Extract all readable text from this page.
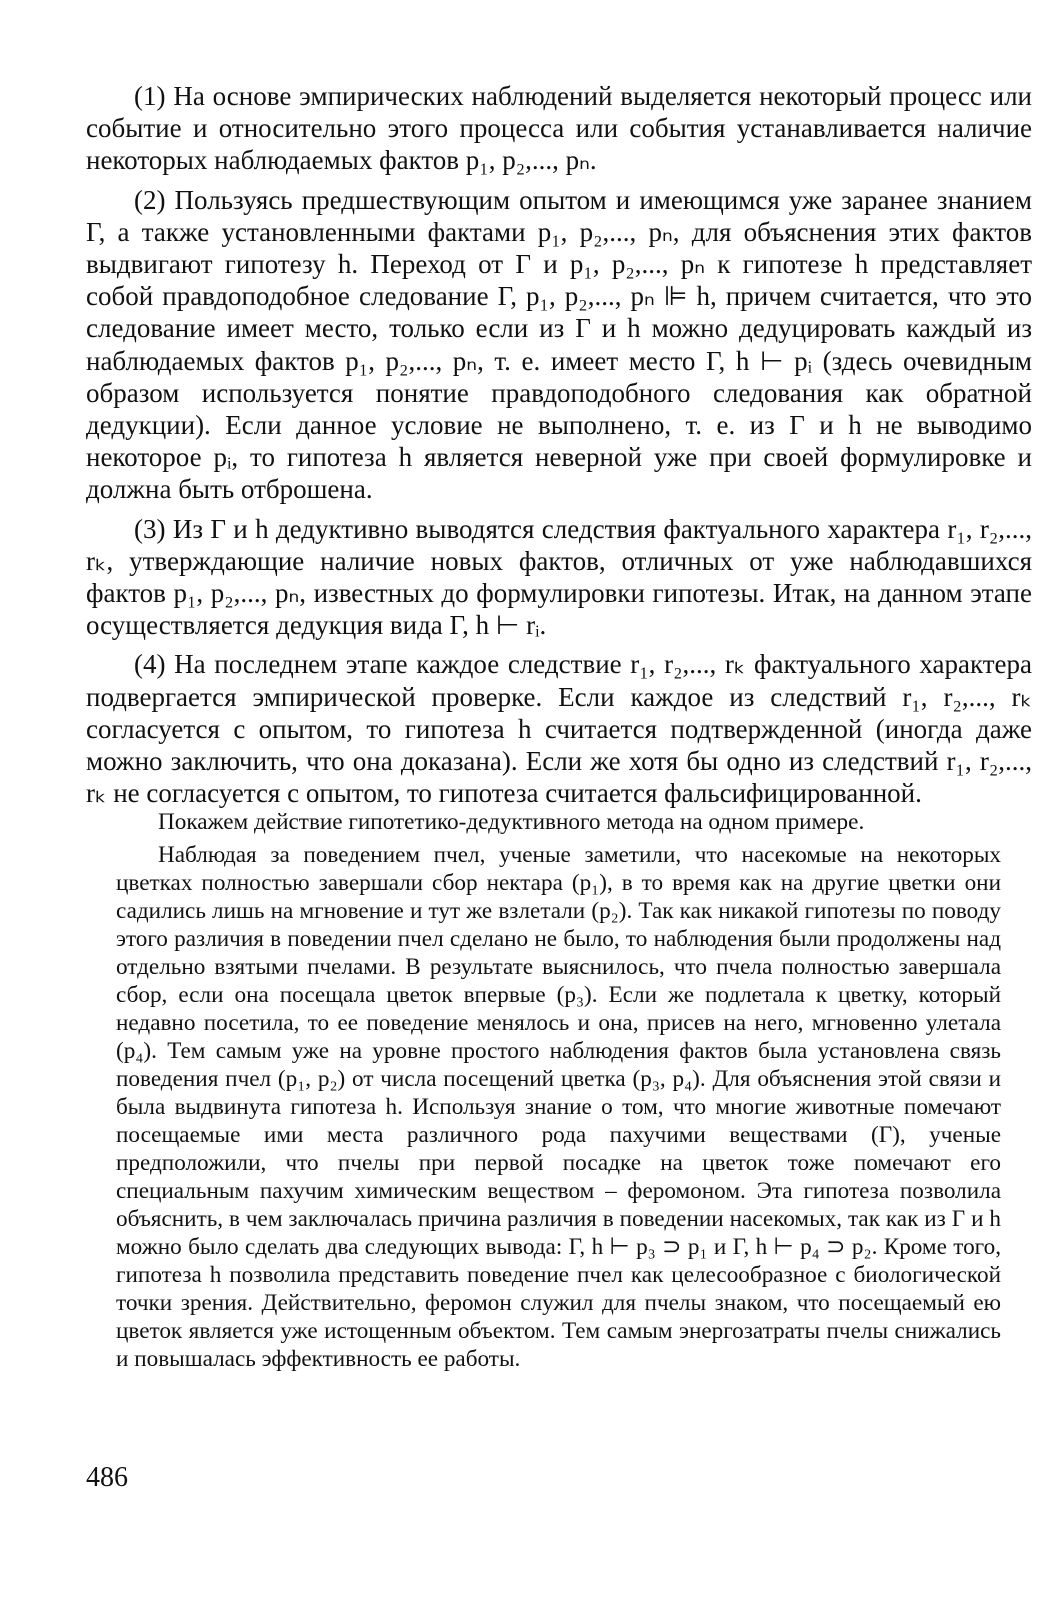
(1) На основе эмпирических наблюдений выделяется некоторый процесс или событие и относительно этого процесса или события устанавливается наличие некоторых наблюдаемых фактов p₁, p₂,..., pₙ.

(2) Пользуясь предшествующим опытом и имеющимся уже заранее знанием Г, а также установленными фактами p₁, p₂,..., pₙ, для объяснения этих фактов выдвигают гипотезу h. Переход от Г и p₁, p₂,..., pₙ к гипотезе h представляет собой правдоподобное следование Г, p₁, p₂,..., pₙ ⊫ h, причем считается, что это следование имеет место, только если из Г и h можно дедуцировать каждый из наблюдаемых фактов p₁, p₂,..., pₙ, т. е. имеет место Г, h ⊢ pᵢ (здесь очевидным образом используется понятие правдоподобного следования как обратной дедукции). Если данное условие не выполнено, т. е. из Г и h не выводимо некоторое pᵢ, то гипотеза h является неверной уже при своей формулировке и должна быть отброшена.

(3) Из Г и h дедуктивно выводятся следствия фактуального характера r₁, r₂,..., rₖ, утверждающие наличие новых фактов, отличных от уже наблюдавшихся фактов p₁, p₂,..., pₙ, известных до формулировки гипотезы. Итак, на данном этапе осуществляется дедукция вида Г, h ⊢ rᵢ.

(4) На последнем этапе каждое следствие r₁, r₂,..., rₖ фактуального характера подвергается эмпирической проверке. Если каждое из следствий r₁, r₂,..., rₖ согласуется с опытом, то гипотеза h считается подтвержденной (иногда даже можно заключить, что она доказана). Если же хотя бы одно из следствий r₁, r₂,..., rₖ не согласуется с опытом, то гипотеза считается фальсифицированной.

Покажем действие гипотетико-дедуктивного метода на одном примере.

Наблюдая за поведением пчел, ученые заметили, что насекомые на некоторых цветках полностью завершали сбор нектара (p₁), в то время как на другие цветки они садились лишь на мгновение и тут же взлетали (p₂). Так как никакой гипотезы по поводу этого различия в поведении пчел сделано не было, то наблюдения были продолжены над отдельно взятыми пчелами. В результате выяснилось, что пчела полностью завершала сбор, если она посещала цветок впервые (p₃). Если же подлетала к цветку, который недавно посетила, то ее поведение менялось и она, присев на него, мгновенно улетала (p₄). Тем самым уже на уровне простого наблюдения фактов была установлена связь поведения пчел (p₁, p₂) от числа посещений цветка (p₃, p₄). Для объяснения этой связи и была выдвинута гипотеза h. Используя знание о том, что многие животные помечают посещаемые ими места различного рода пахучими веществами (Г), ученые предположили, что пчелы при первой посадке на цветок тоже помечают его специальным пахучим химическим веществом – феромоном. Эта гипотеза позволила объяснить, в чем заключалась причина различия в поведении насекомых, так как из Г и h можно было сделать два следующих вывода: Г, h ⊢ p₃ ⊃ p₁ и Г, h ⊢ p₄ ⊃ p₂. Кроме того, гипотеза h позволила представить поведение пчел как целесообразное с биологической точки зрения. Действительно, феромон служил для пчелы знаком, что посещаемый ею цветок является уже истощенным объектом. Тем самым энергозатраты пчелы снижались и повышалась эффективность ее работы.

486
